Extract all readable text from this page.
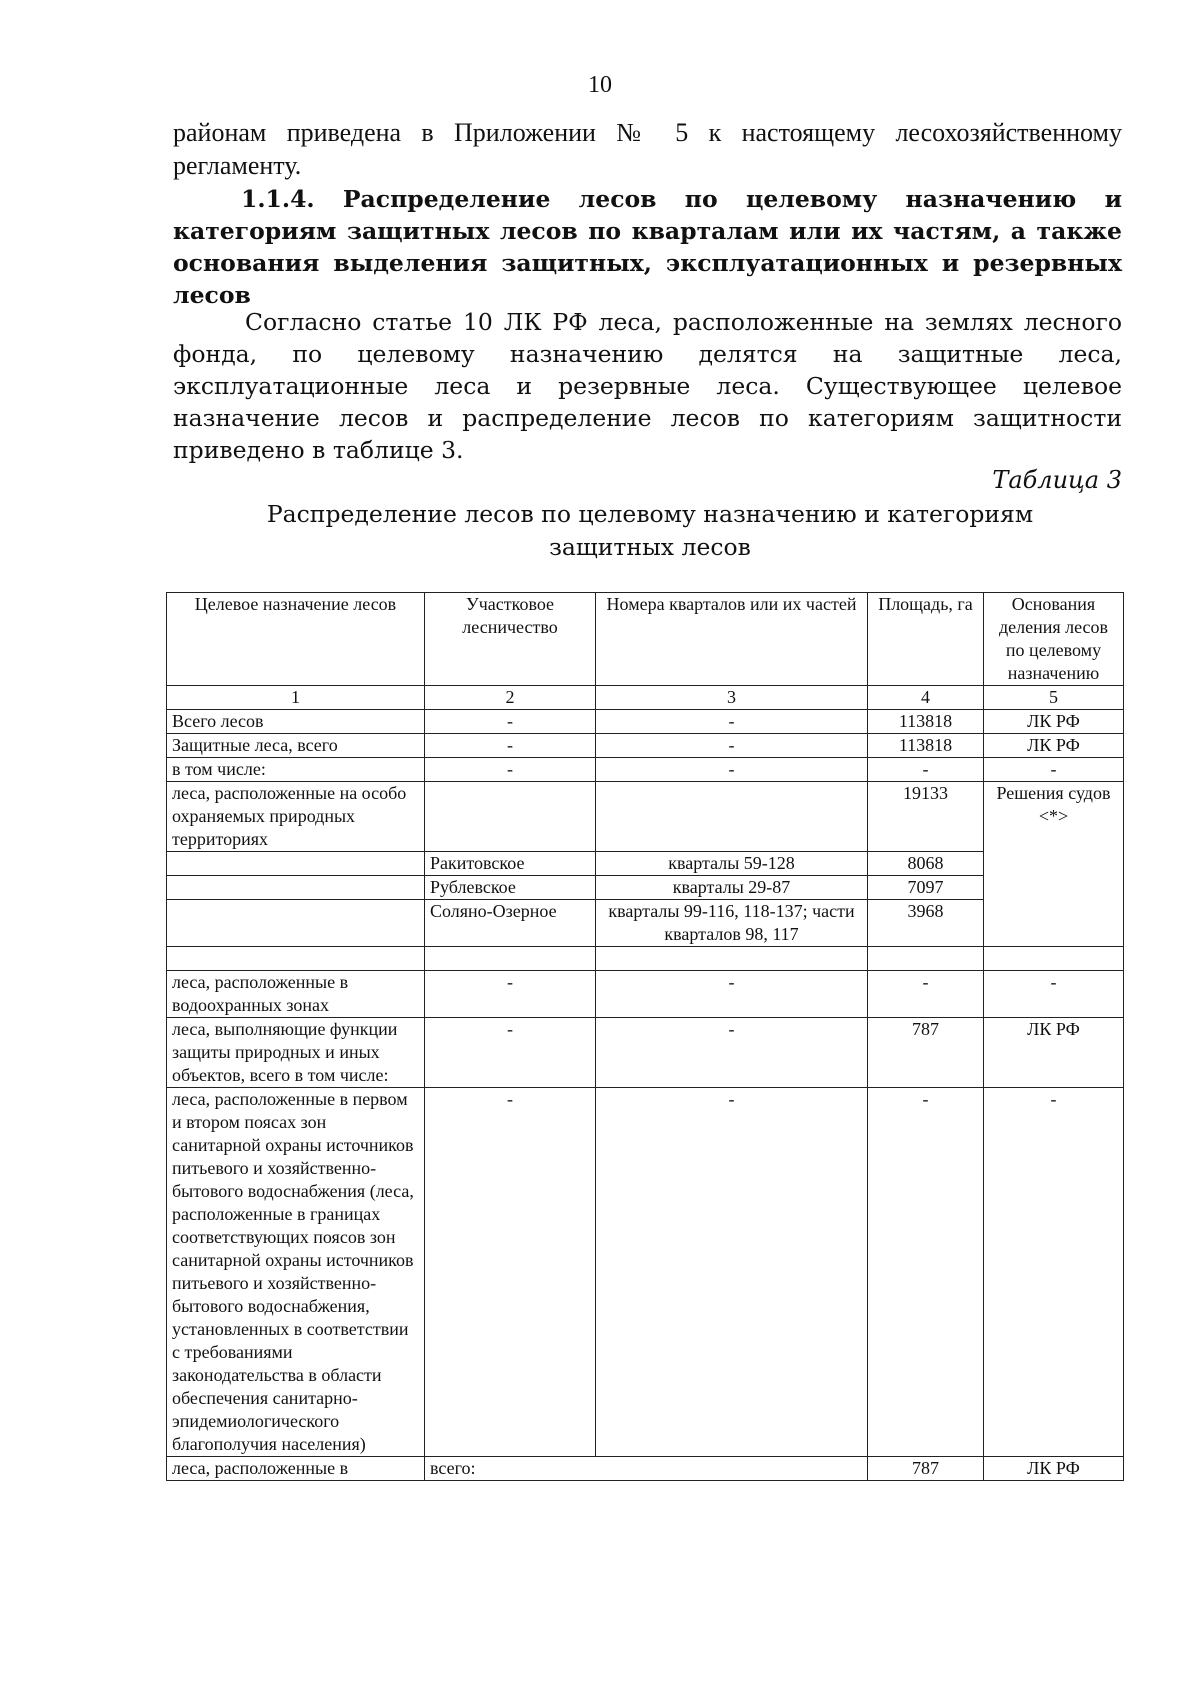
10

районам приведена в Приложении № 5 к настоящему лесохозяйственному регламенту.

1.1.4. Распределение лесов по целевому назначению и категориям защитных лесов по кварталам или их частям, а также основания выделения защитных, эксплуатационных и резервных лесов

Согласно статье 10 ЛК РФ леса, расположенные на землях лесного фонда, по целевому назначению делятся на защитные леса, эксплуатационные леса и резервные леса. Существующее целевое назначение лесов и распределение лесов по категориям защитности приведено в таблице 3.

Таблица 3
Распределение лесов по целевому назначению и категориям защитных лесов
Целевое назначение лесов	Участковое лесничество	Номера кварталов или их частей	Площадь, га	Основания деления лесов по целевому назначению
1	2	3	4	5
Всего лесов	-	-	113818	ЛК РФ
Защитные леса, всего	-	-	113818	ЛК РФ
в том числе:	-	-	-	-
леса, расположенные на особо охраняемых природных территориях			19133	Решения судов <*>
	Ракитовское	кварталы 59-128	8068	
	Рублевское	кварталы 29-87	7097	
	Соляно-Озерное	кварталы 99-116, 118-137; части кварталов 98, 117	3968	

леса, расположенные в водоохранных зонах	-	-	-	-
леса, выполняющие функции защиты природных и иных объектов, всего в том числе:	-	-	787	ЛК РФ
леса, расположенные в первом и втором поясах зон санитарной охраны источников питьевого и хозяйственно-бытового водоснабжения (леса, расположенные в границах соответствующих поясов зон санитарной охраны источников питьевого и хозяйственно-бытового водоснабжения, установленных в соответствии с требованиями законодательства в области обеспечения санитарно-эпидемиологического благополучия населения)	-	-	-	-
леса, расположенные в	всего:		787	ЛК РФ
